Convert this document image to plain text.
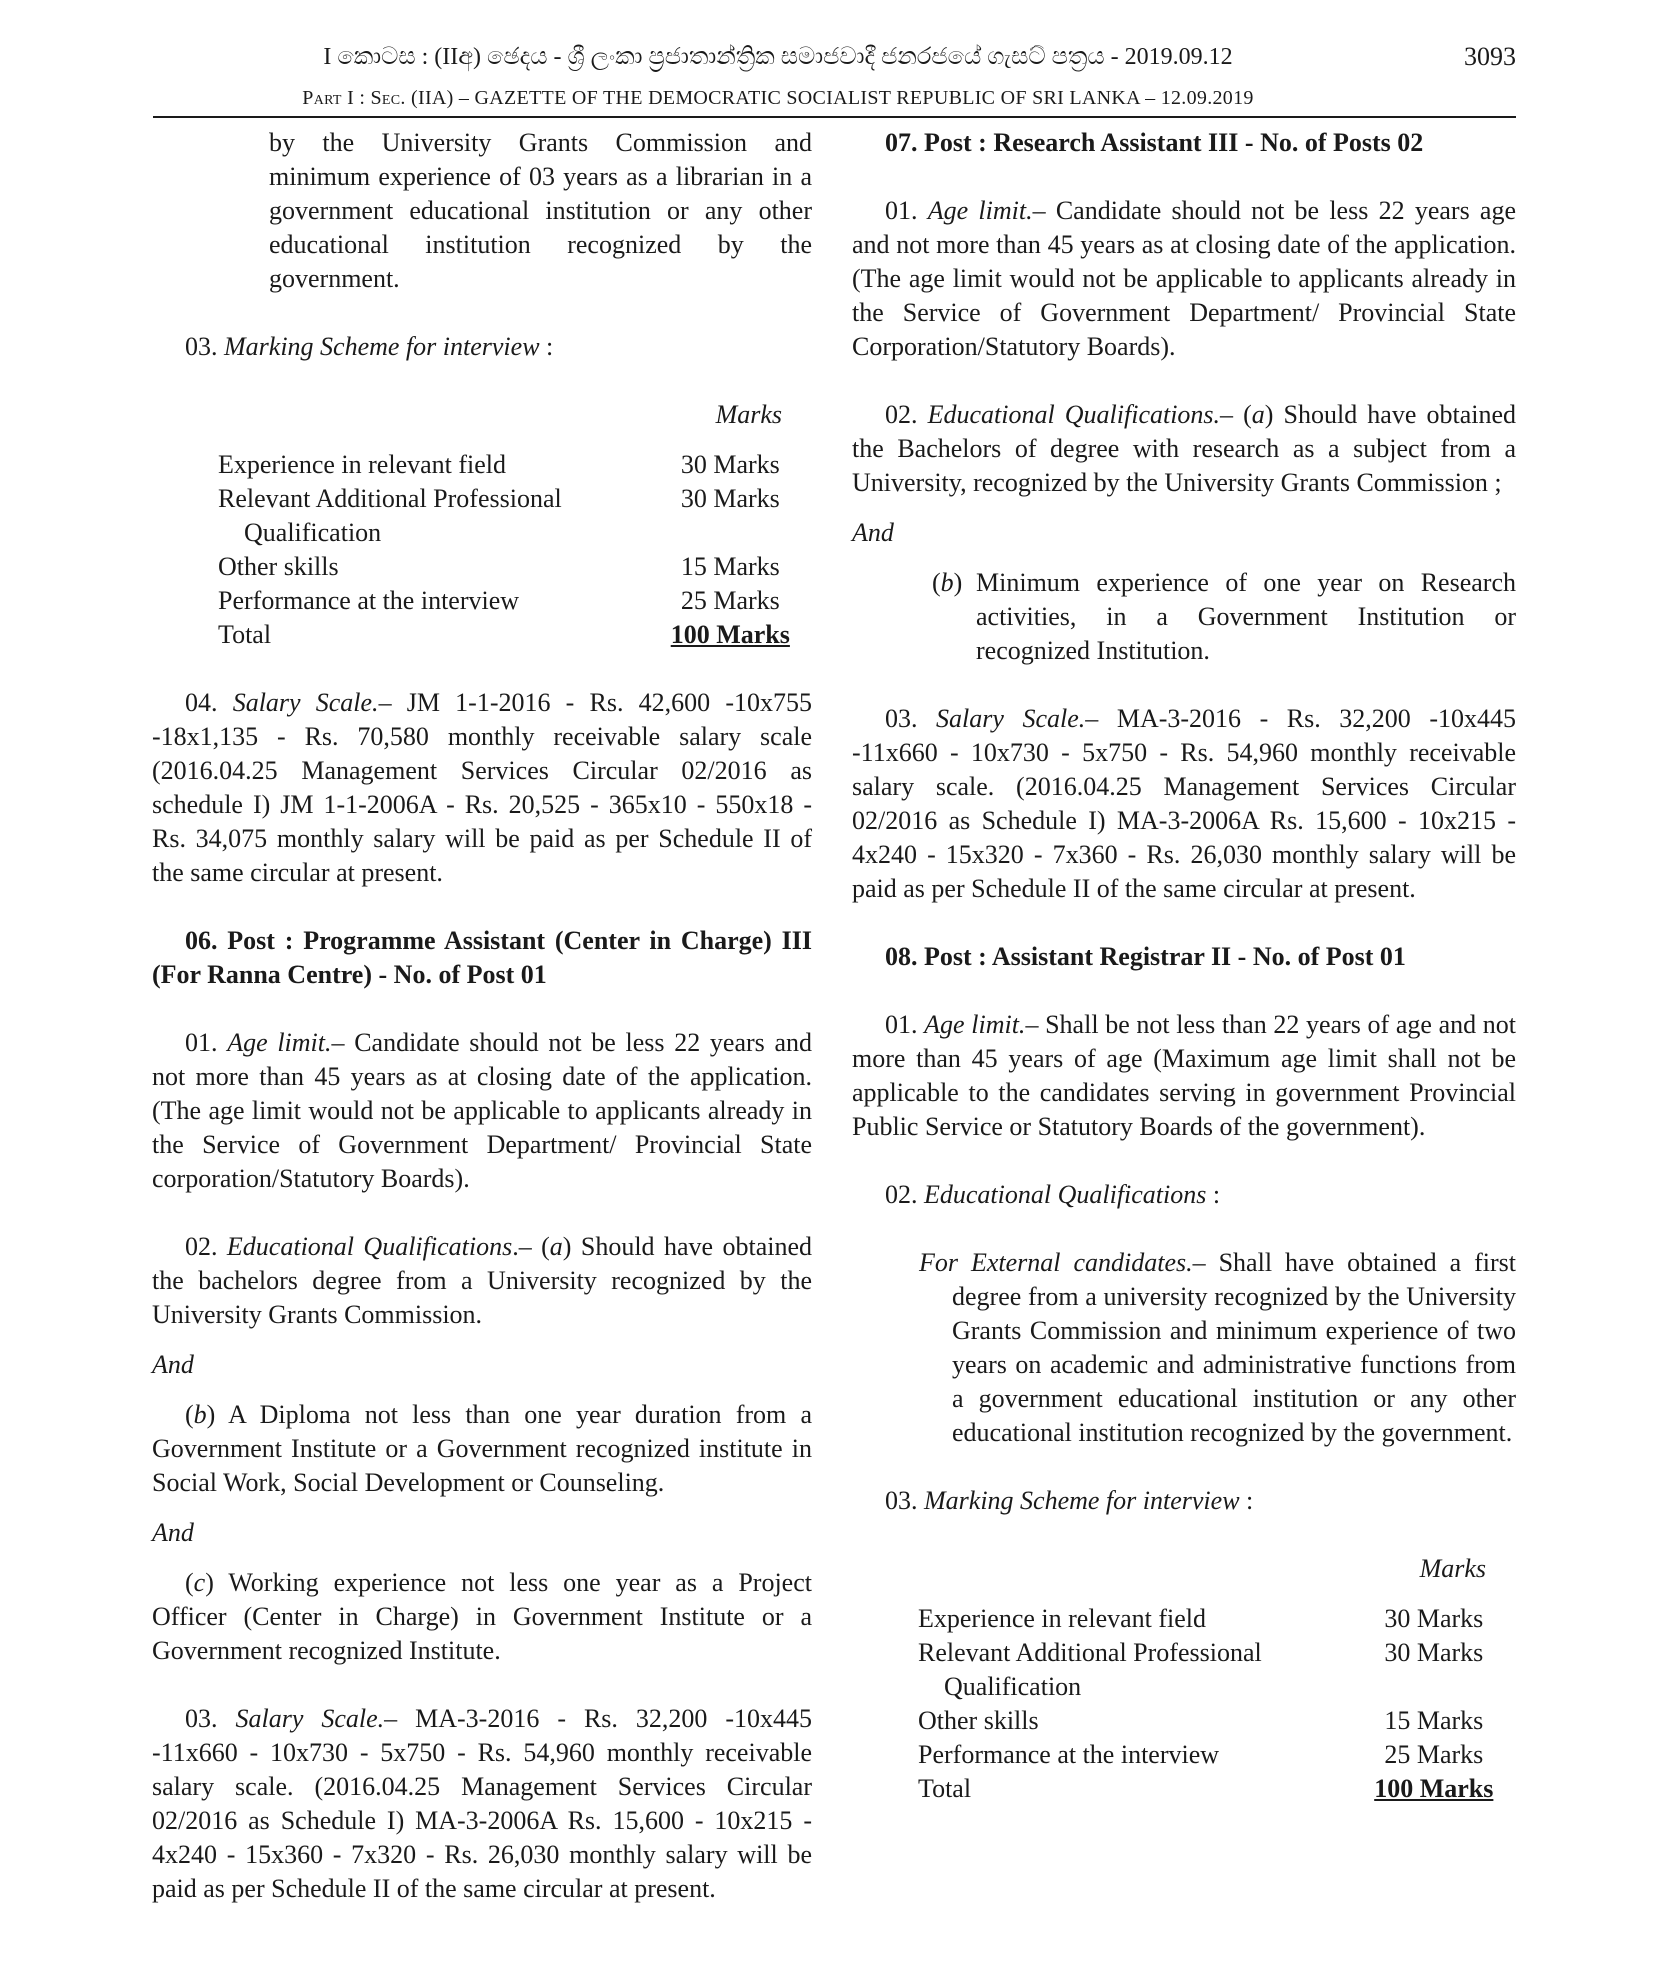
I කොටස : (IIඅ) ඡෙදය - ශ්‍රී ලංකා ප්‍රජාතාන්ත්‍රික සමාජවාදී ජනරජයේ ගැසට් පත්‍රය - 2019.09.12
Part I : Sec. (IIA) – GAZETTE OF THE DEMOCRATIC SOCIALIST REPUBLIC OF SRI LANKA – 12.09.2019
3093

by the University Grants Commission and minimum experience of 03 years as a librarian in a government educational institution or any other educational institution recognized by the government.

03. Marking Scheme for interview :

Marks
Experience in relevant field	30 Marks
Relevant Additional Professional	30 Marks
Qualification	
Other skills	15 Marks
Performance at the interview	25 Marks
Total	100 Marks

04. Salary Scale.– JM 1-1-2016 - Rs. 42,600 -10x755 -18x1,135 - Rs. 70,580 monthly receivable salary scale (2016.04.25 Management Services Circular 02/2016 as schedule I) JM 1-1-2006A - Rs. 20,525 - 365x10 - 550x18 - Rs. 34,075 monthly salary will be paid as per Schedule II of the same circular at present.

06. Post : Programme Assistant (Center in Charge) III (For Ranna Centre) - No. of Post 01

01. Age limit.– Candidate should not be less 22 years and not more than 45 years as at closing date of the application. (The age limit would not be applicable to applicants already in the Service of Government Department/ Provincial State corporation/Statutory Boards).

02. Educational Qualifications.– (a) Should have obtained the bachelors degree from a University recognized by the University Grants Commission.

And

(b) A Diploma not less than one year duration from a Government Institute or a Government recognized institute in Social Work, Social Development or Counseling.

And

(c) Working experience not less one year as a Project Officer (Center in Charge) in Government Institute or a Government recognized Institute.

03. Salary Scale.– MA-3-2016 - Rs. 32,200 -10x445 -11x660 - 10x730 - 5x750 - Rs. 54,960 monthly receivable salary scale. (2016.04.25 Management Services Circular 02/2016 as Schedule I) MA-3-2006A Rs. 15,600 - 10x215 - 4x240 - 15x360 - 7x320 - Rs. 26,030 monthly salary will be paid as per Schedule II of the same circular at present.

07. Post : Research Assistant III - No. of Posts 02

01. Age limit.– Candidate should not be less 22 years age and not more than 45 years as at closing date of the application. (The age limit would not be applicable to applicants already in the Service of Government Department/ Provincial State Corporation/Statutory Boards).

02. Educational Qualifications.– (a) Should have obtained the Bachelors of degree with research as a subject from a University, recognized by the University Grants Commission ;

And

(b) Minimum experience of one year on Research activities, in a Government Institution or recognized Institution.

03. Salary Scale.– MA-3-2016 - Rs. 32,200 -10x445 -11x660 - 10x730 - 5x750 - Rs. 54,960 monthly receivable salary scale. (2016.04.25 Management Services Circular 02/2016 as Schedule I) MA-3-2006A Rs. 15,600 - 10x215 - 4x240 - 15x320 - 7x360 - Rs. 26,030 monthly salary will be paid as per Schedule II of the same circular at present.

08. Post : Assistant Registrar II - No. of Post 01

01. Age limit.– Shall be not less than 22 years of age and not more than 45 years of age (Maximum age limit shall not be applicable to the candidates serving in government Provincial Public Service or Statutory Boards of the government).

02. Educational Qualifications :

For External candidates.– Shall have obtained a first degree from a university recognized by the University Grants Commission and minimum experience of two years on academic and administrative functions from a government educational institution or any other educational institution recognized by the government.

03. Marking Scheme for interview :

Marks
Experience in relevant field	30 Marks
Relevant Additional Professional	30 Marks
Qualification	
Other skills	15 Marks
Performance at the interview	25 Marks
Total	100 Marks
